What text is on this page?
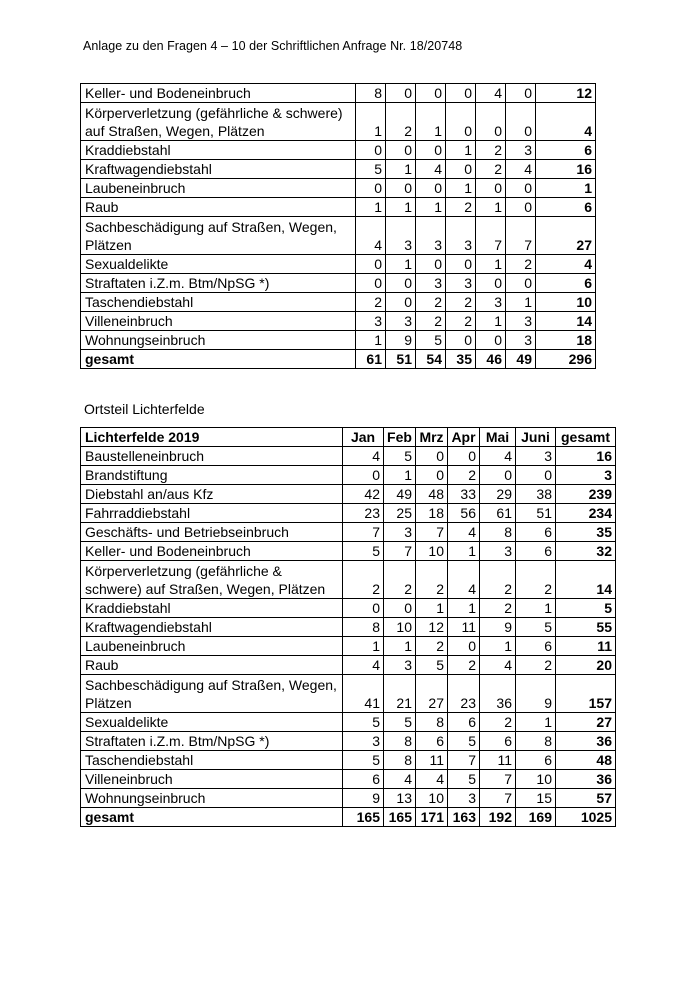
Anlage zu den Fragen 4 – 10 der Schriftlichen Anfrage Nr. 18/20748
Keller- und Bodeneinbruch	8	0	0	0	4	0	12
Körperverletzung (gefährliche & schwere) auf Straßen, Wegen, Plätzen	1	2	1	0	0	0	4
Kraddiebstahl	0	0	0	1	2	3	6
Kraftwagendiebstahl	5	1	4	0	2	4	16
Laubeneinbruch	0	0	0	1	0	0	1
Raub	1	1	1	2	1	0	6
Sachbeschädigung auf Straßen, Wegen, Plätzen	4	3	3	3	7	7	27
Sexualdelikte	0	1	0	0	1	2	4
Straftaten i.Z.m. Btm/NpSG *)	0	0	3	3	0	0	6
Taschendiebstahl	2	0	2	2	3	1	10
Villeneinbruch	3	3	2	2	1	3	14
Wohnungseinbruch	1	9	5	0	0	3	18
gesamt	61	51	54	35	46	49	296
Ortsteil Lichterfelde
Lichterfelde 2019	Jan	Feb	Mrz	Apr	Mai	Juni	gesamt
Baustelleneinbruch	4	5	0	0	4	3	16
Brandstiftung	0	1	0	2	0	0	3
Diebstahl an/aus Kfz	42	49	48	33	29	38	239
Fahrraddiebstahl	23	25	18	56	61	51	234
Geschäfts- und Betriebseinbruch	7	3	7	4	8	6	35
Keller- und Bodeneinbruch	5	7	10	1	3	6	32
Körperverletzung (gefährliche & schwere) auf Straßen, Wegen, Plätzen	2	2	2	4	2	2	14
Kraddiebstahl	0	0	1	1	2	1	5
Kraftwagendiebstahl	8	10	12	11	9	5	55
Laubeneinbruch	1	1	2	0	1	6	11
Raub	4	3	5	2	4	2	20
Sachbeschädigung auf Straßen, Wegen, Plätzen	41	21	27	23	36	9	157
Sexualdelikte	5	5	8	6	2	1	27
Straftaten i.Z.m. Btm/NpSG *)	3	8	6	5	6	8	36
Taschendiebstahl	5	8	11	7	11	6	48
Villeneinbruch	6	4	4	5	7	10	36
Wohnungseinbruch	9	13	10	3	7	15	57
gesamt	165	165	171	163	192	169	1025
